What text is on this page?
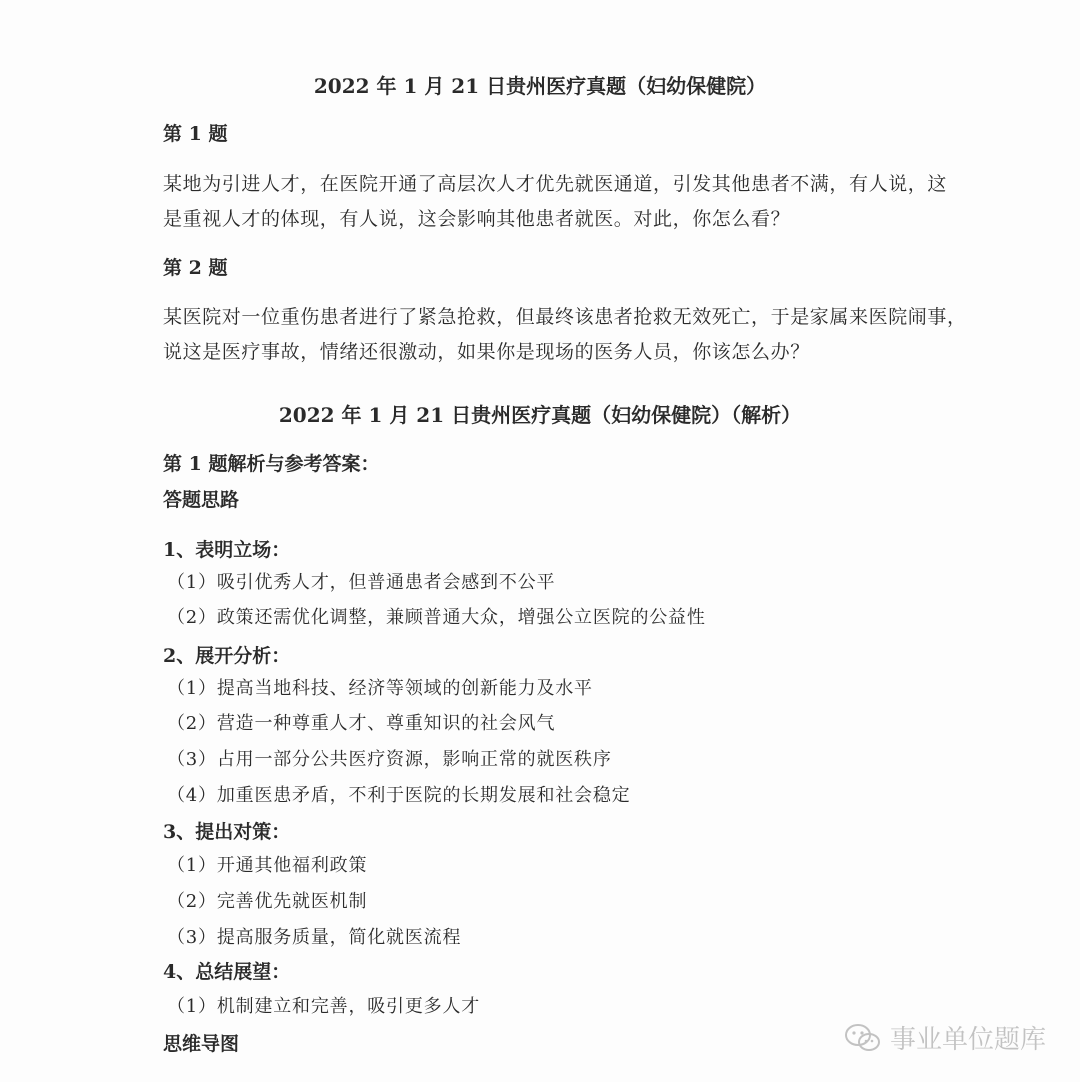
2022 年 1 月 21 日贵州医疗真题（妇幼保健院）
第 1 题
某地为引进人才，在医院开通了高层次人才优先就医通道，引发其他患者不满，有人说，这
是重视人才的体现，有人说，这会影响其他患者就医。对此，你怎么看？
第 2 题
某医院对一位重伤患者进行了紧急抢救，但最终该患者抢救无效死亡，于是家属来医院闹事，
说这是医疗事故，情绪还很激动，如果你是现场的医务人员，你该怎么办？
2022 年 1 月 21 日贵州医疗真题（妇幼保健院）（解析）
第 1 题解析与参考答案：
答题思路
1、表明立场：
（1）吸引优秀人才，但普通患者会感到不公平
（2）政策还需优化调整，兼顾普通大众，增强公立医院的公益性
2、展开分析：
（1）提高当地科技、经济等领域的创新能力及水平
（2）营造一种尊重人才、尊重知识的社会风气
（3）占用一部分公共医疗资源，影响正常的就医秩序
（4）加重医患矛盾，不利于医院的长期发展和社会稳定
3、提出对策：
（1）开通其他福利政策
（2）完善优先就医机制
（3）提高服务质量，简化就医流程
4、总结展望：
（1）机制建立和完善，吸引更多人才
思维导图	事业单位题库
